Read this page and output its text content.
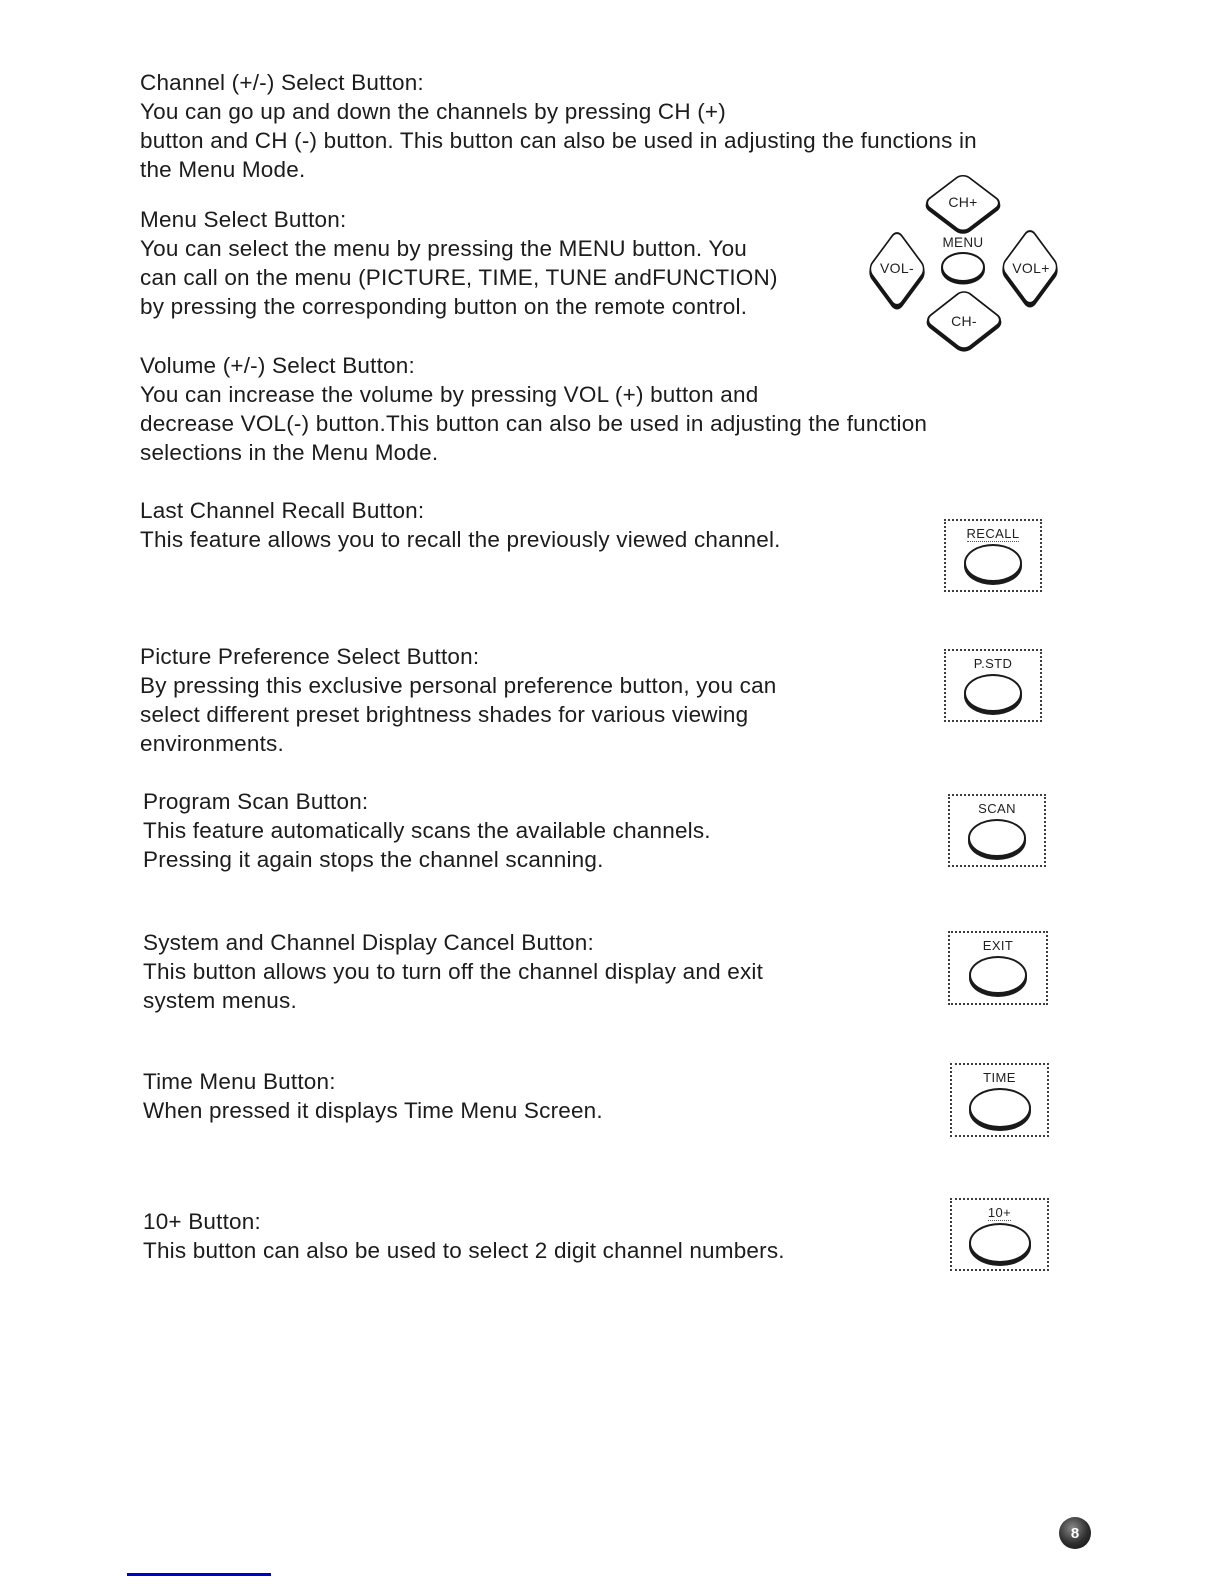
Channel (+/-) Select Button:
You can go up and down the channels by pressing CH (+)
button and CH (-) button. This button can also be used in adjusting the functions in
the Menu Mode.
Menu Select Button:
You can select the menu by pressing the MENU button. You
can call on the menu (PICTURE, TIME, TUNE andFUNCTION)
by pressing the corresponding button on the remote control.
Volume (+/-) Select Button:
You can increase the volume by pressing VOL (+) button and
decrease VOL(-) button.This button can also be used in adjusting the function
selections in the Menu Mode.
Last Channel Recall Button:
This feature allows you to recall the previously viewed channel.
Picture Preference Select Button:
By pressing this exclusive personal preference button, you can
select different preset brightness shades for various viewing
environments.
Program Scan Button:
This feature automatically scans the available channels.
Pressing it again stops the channel scanning.
System and Channel Display Cancel Button:
This button allows you to turn off the channel display and exit
system menus.
Time Menu Button:
When pressed it displays Time Menu Screen.
10+ Button:
This button can also be used to select 2 digit channel numbers.
CH+
MENU
VOL-	VOL+
CH-
RECALL
P.STD
SCAN
EXIT
TIME
10+
8
